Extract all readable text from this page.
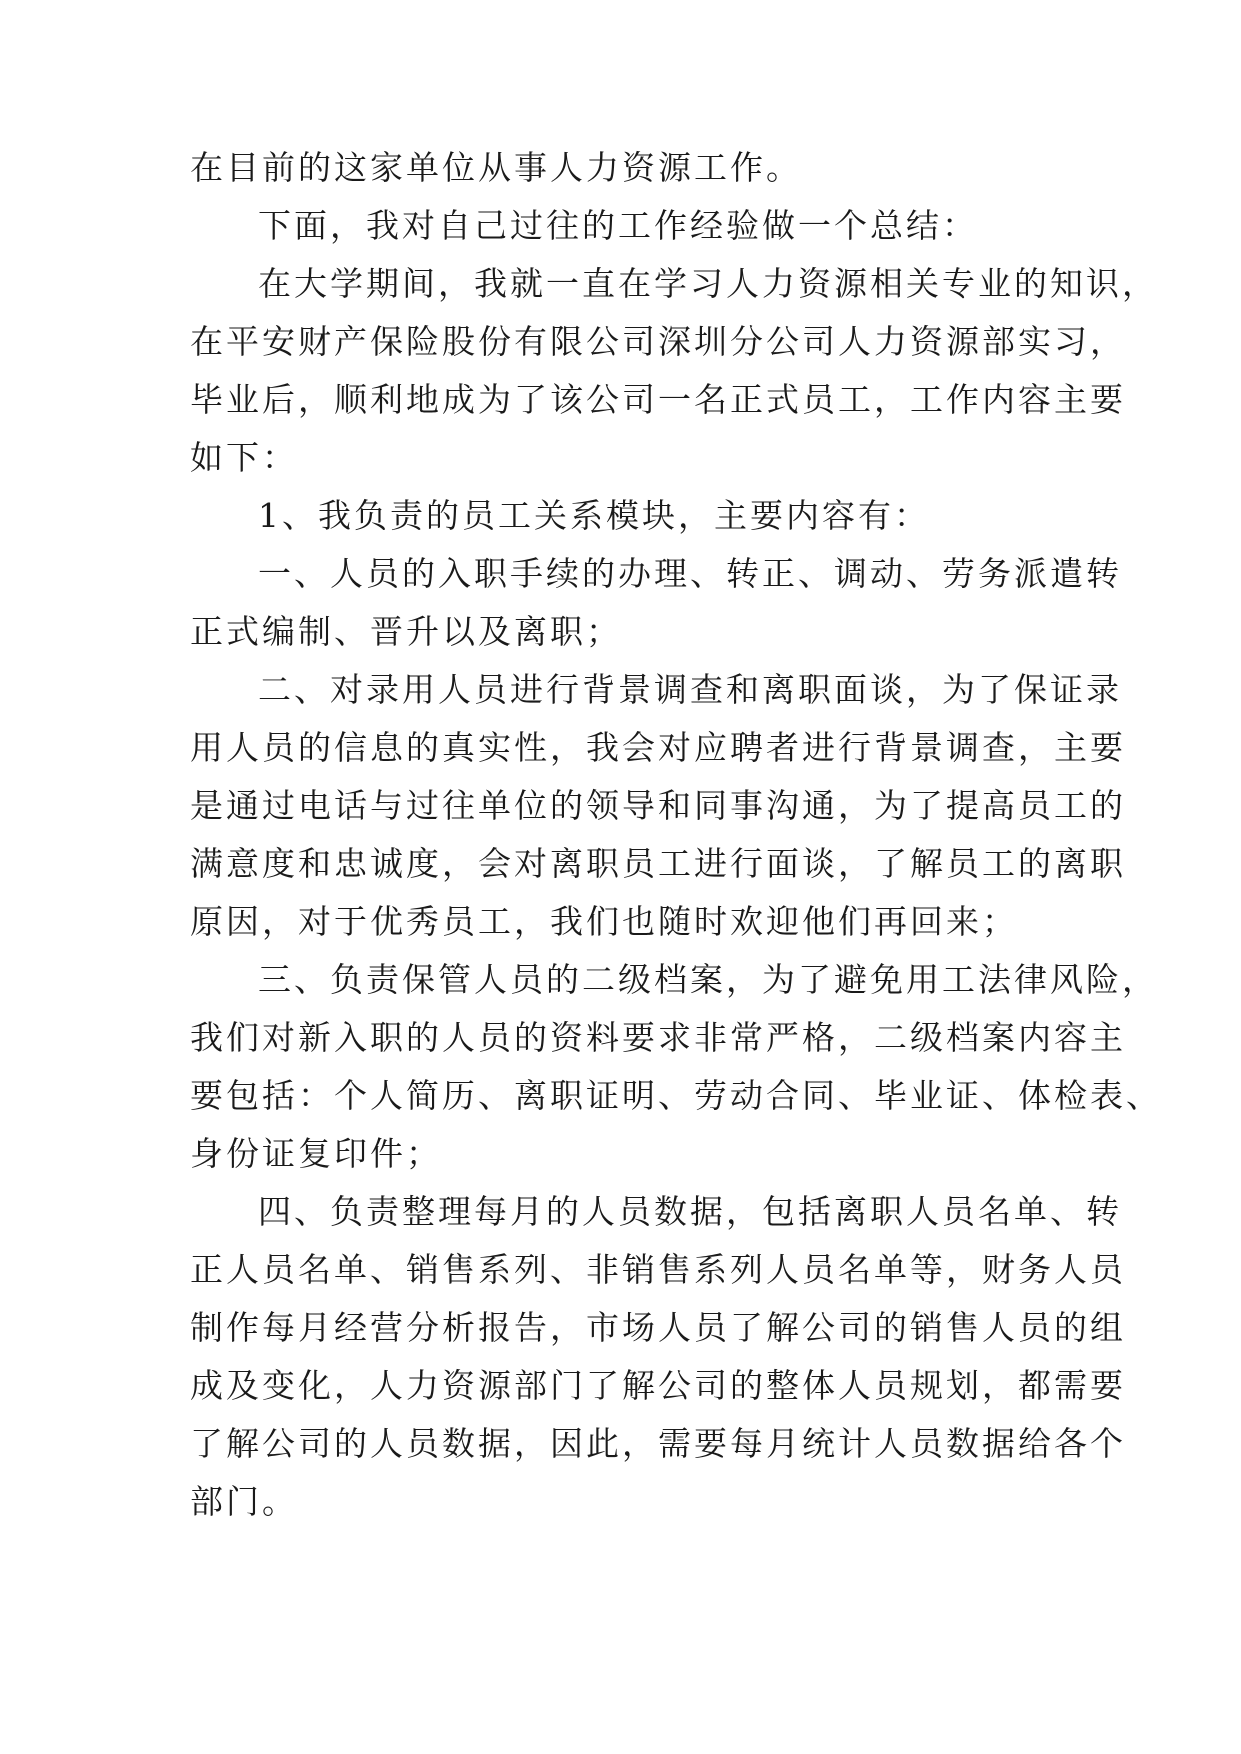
在目前的这家单位从事人力资源工作。
下面，我对自己过往的工作经验做一个总结：
在大学期间，我就一直在学习人力资源相关专业的知识，
在平安财产保险股份有限公司深圳分公司人力资源部实习，
毕业后，顺利地成为了该公司一名正式员工，工作内容主要
如下：
1、我负责的员工关系模块，主要内容有：
一、人员的入职手续的办理、转正、调动、劳务派遣转
正式编制、晋升以及离职；
二、对录用人员进行背景调查和离职面谈，为了保证录
用人员的信息的真实性，我会对应聘者进行背景调查，主要
是通过电话与过往单位的领导和同事沟通，为了提高员工的
满意度和忠诚度，会对离职员工进行面谈，了解员工的离职
原因，对于优秀员工，我们也随时欢迎他们再回来；
三、负责保管人员的二级档案，为了避免用工法律风险，
我们对新入职的人员的资料要求非常严格，二级档案内容主
要包括：个人简历、离职证明、劳动合同、毕业证、体检表、
身份证复印件；
四、负责整理每月的人员数据，包括离职人员名单、转
正人员名单、销售系列、非销售系列人员名单等，财务人员
制作每月经营分析报告，市场人员了解公司的销售人员的组
成及变化，人力资源部门了解公司的整体人员规划，都需要
了解公司的人员数据，因此，需要每月统计人员数据给各个
部门。
